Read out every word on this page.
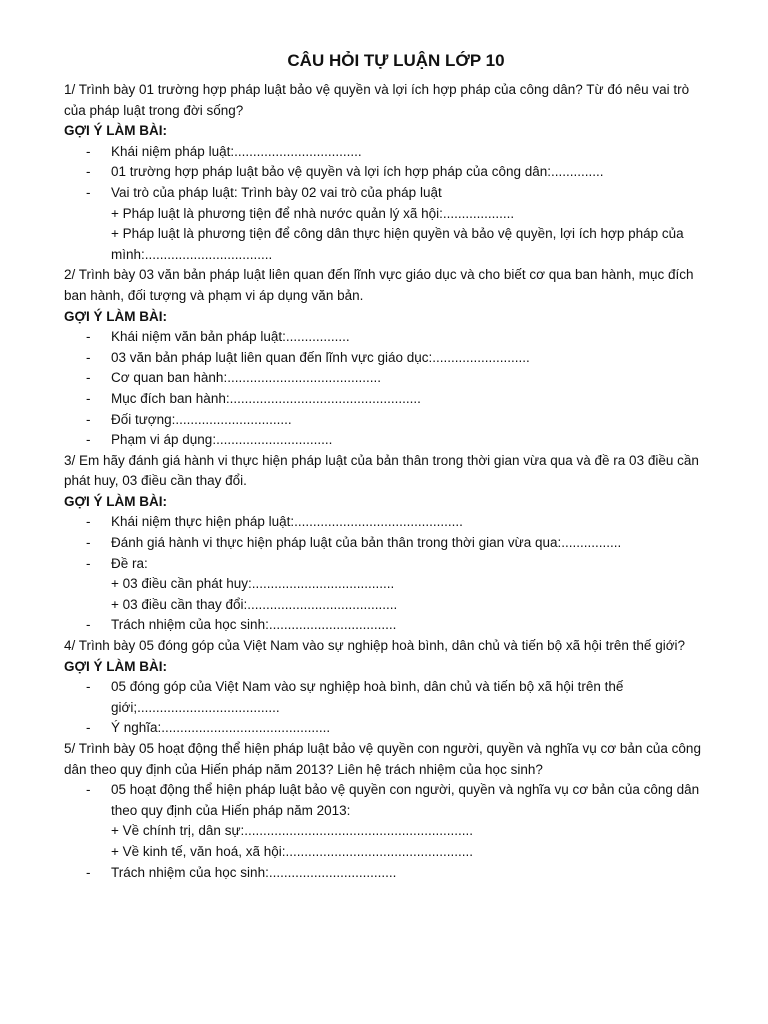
CÂU HỎI TỰ LUẬN LỚP 10
1/ Trình bày 01 trường hợp pháp luật bảo vệ quyền và lợi ích hợp pháp của công dân? Từ đó nêu vai trò
của pháp luật trong đời sống?
GỢI Ý LÀM BÀI:
- Khái niệm pháp luật:..................................
- 01 trường hợp pháp luật bảo vệ quyền và lợi ích hợp pháp của công dân:..............
- Vai trò của pháp luật: Trình bày 02 vai trò của pháp luật
+ Pháp luật là phương tiện để nhà nước quản lý xã hội:...................
+ Pháp luật là phương tiện để công dân thực hiện quyền và bảo vệ quyền, lợi ích hợp pháp của
mình:..................................
2/ Trình bày 03 văn bản pháp luật liên quan đến lĩnh vực giáo dục và cho biết cơ qua ban hành, mục đích
ban hành, đối tượng và phạm vi áp dụng văn bản.
GỢI Ý LÀM BÀI:
- Khái niệm văn bản pháp luật:.................
- 03 văn bản pháp luật liên quan đến lĩnh vực giáo dục:..........................
- Cơ quan ban hành:.........................................
- Mục đích ban hành:...................................................
- Đối tượng:...............................
- Phạm vi áp dụng:...............................
3/ Em hãy đánh giá hành vi thực hiện pháp luật của bản thân trong thời gian vừa qua và đề ra 03 điều cần
phát huy, 03 điều cần thay đổi.
GỢI Ý LÀM BÀI:
- Khái niệm thực hiện pháp luật:.............................................
- Đánh giá hành vi thực hiện pháp luật của bản thân trong thời gian vừa qua:................
- Đề ra:
+ 03 điều cần phát huy:......................................
+ 03 điều cần thay đổi:........................................
- Trách nhiệm của học sinh:..................................
4/ Trình bày 05 đóng góp của Việt Nam vào sự nghiệp hoà bình, dân chủ và tiến bộ xã hội trên thế giới?
GỢI Ý LÀM BÀI:
- 05 đóng góp của Việt Nam vào sự nghiệp hoà bình, dân chủ và tiến bộ xã hội trên thế
giới;......................................
- Ý nghĩa:.............................................
5/ Trình bày 05 hoạt động thể hiện pháp luật bảo vệ quyền con người, quyền và nghĩa vụ cơ bản của công
dân theo quy định của Hiến pháp năm 2013? Liên hệ trách nhiệm của học sinh?
- 05 hoạt động thể hiện pháp luật bảo vệ quyền con người, quyền và nghĩa vụ cơ bản của công dân
theo quy định của Hiến pháp năm 2013:
+ Về chính trị, dân sự:.............................................................
+ Về kinh tế, văn hoá, xã hội:..................................................
- Trách nhiệm của học sinh:..................................
